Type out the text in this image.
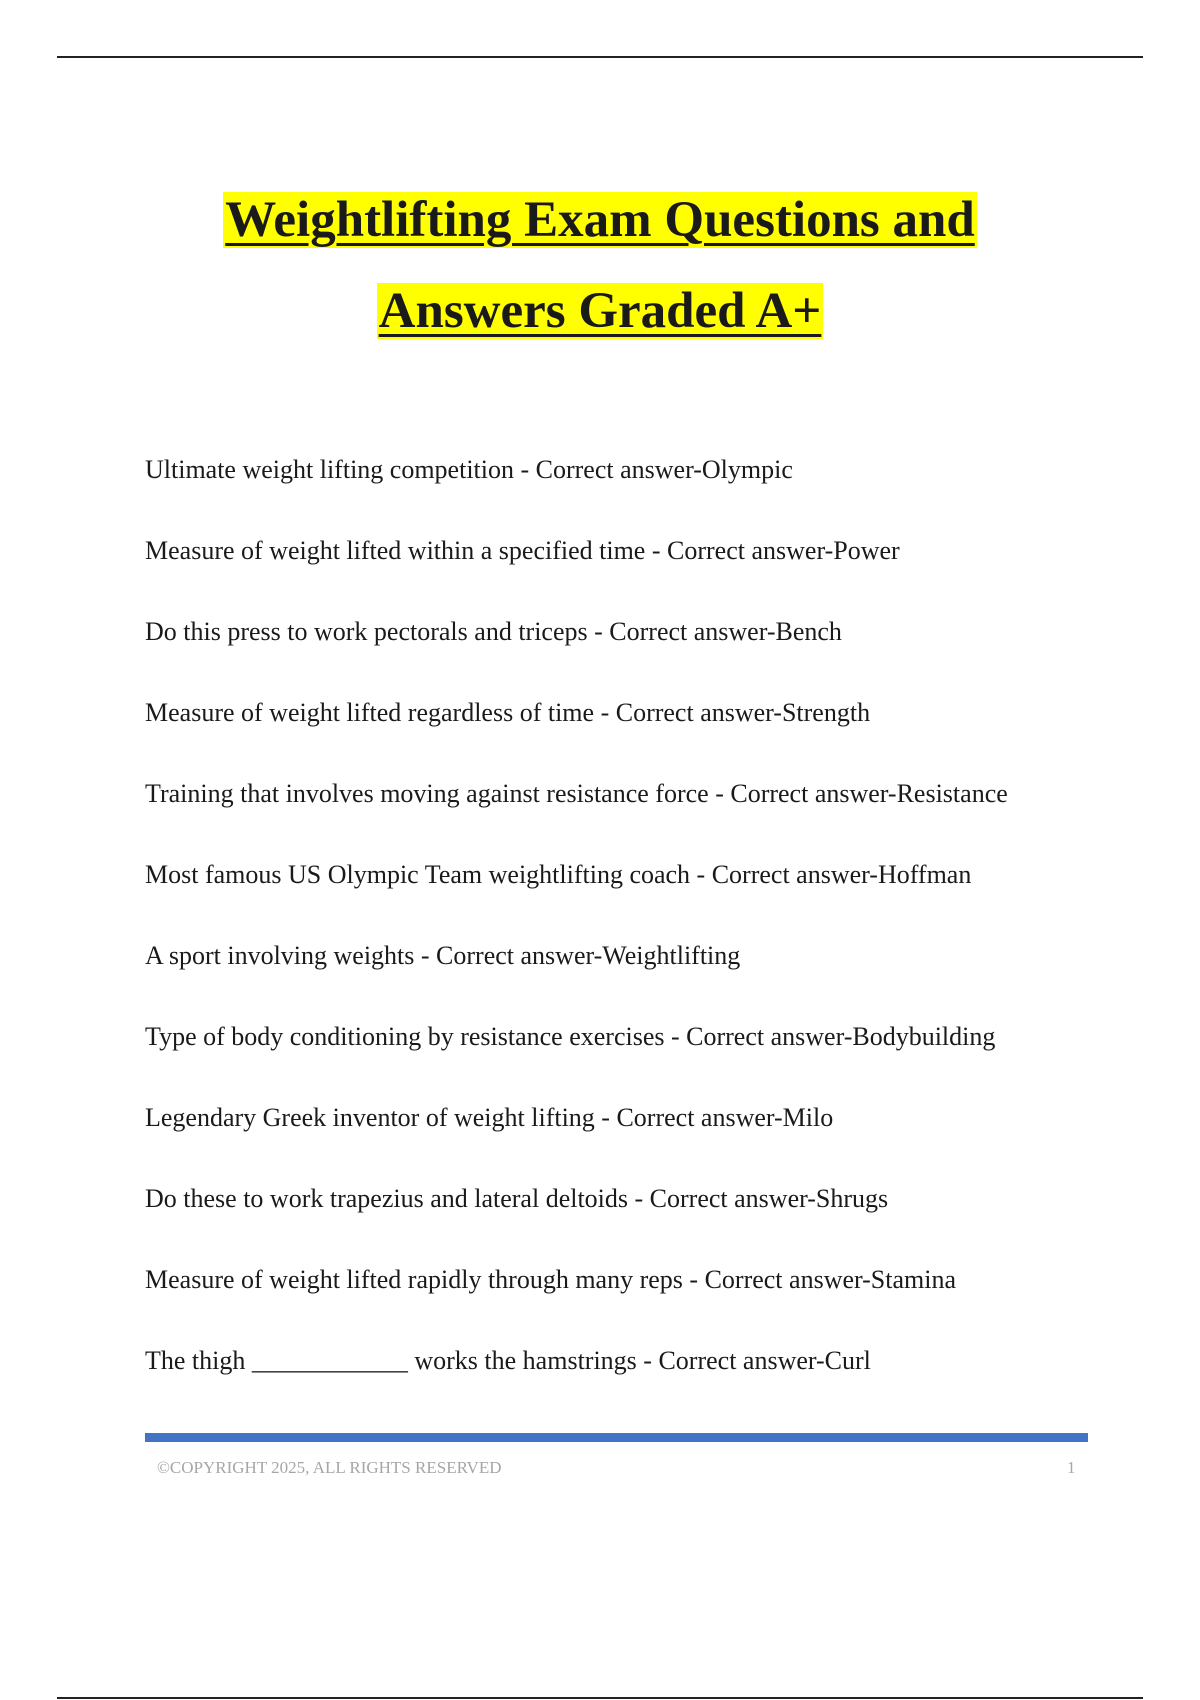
Weightlifting Exam Questions and
Answers Graded A+
Ultimate weight lifting competition - Correct answer-Olympic
Measure of weight lifted within a specified time - Correct answer-Power
Do this press to work pectorals and triceps - Correct answer-Bench
Measure of weight lifted regardless of time - Correct answer-Strength
Training that involves moving against resistance force - Correct answer-Resistance
Most famous US Olympic Team weightlifting coach - Correct answer-Hoffman
A sport involving weights - Correct answer-Weightlifting
Type of body conditioning by resistance exercises - Correct answer-Bodybuilding
Legendary Greek inventor of weight lifting - Correct answer-Milo
Do these to work trapezius and lateral deltoids - Correct answer-Shrugs
Measure of weight lifted rapidly through many reps - Correct answer-Stamina
The thigh ____________ works the hamstrings - Correct answer-Curl
©COPYRIGHT 2025, ALL RIGHTS RESERVED	1
